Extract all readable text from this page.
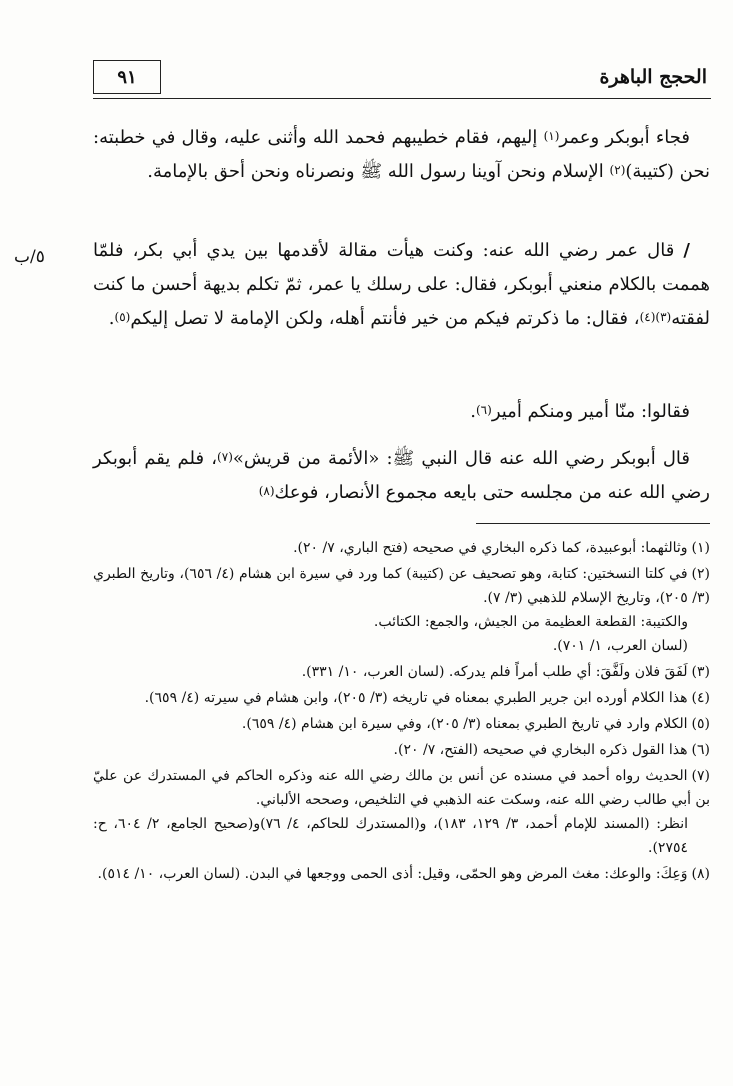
٩١	الحجج الباهرة
٥/ب

فجاء أبوبكر وعمر$^{(١)}$ إليهم، فقام خطيبهم فحمد الله وأثنى عليه، وقال في خطبته: نحن (كتيبة)$^{(٢)}$ الإسلام ونحن آوينا رسول الله ﷺ ونصرناه ونحن أحق بالإمامة.

/ قال عمر رضي الله عنه: وكنت هيأت مقالة لأقدمها بين يدي أبي بكر، فلمّا هممت بالكلام منعني أبوبكر، فقال: على رسلك يا عمر، ثمّ تكلم بديهة أحسن ما كنت لفقته$^{(٣)(٤)}$، فقال: ما ذكرتم فيكم من خير فأنتم أهله، ولكن الإمامة لا تصل إليكم$^{(٥)}$.

فقالوا: منّا أمير ومنكم أمير$^{(٦)}$.

قال أبوبكر رضي الله عنه قال النبي ﷺ: «الأئمة من قريش»$^{(٧)}$، فلم يقم أبوبكر رضي الله عنه من مجلسه حتى بايعه مجموع الأنصار، فوعك$^{(٨)}$

(١)وثالثهما: أبوعبيدة، كما ذكره البخاري في صحيحه (فتح الباري، ٧/ ٢٠).
(٢)في كلتا النسختين: كتابة، وهو تصحيف عن (كتيبة) كما ورد في سيرة ابن هشام (٤/ ٦٥٦)، وتاريخ الطبري (٣/ ٢٠٥)، وتاريخ الإسلام للذهبي (٣/ ٧).
والكتيبة: القطعة العظيمة من الجيش، والجمع: الكتائب.
(لسان العرب، ١/ ٧٠١).
(٣)لَفَقَ فلان ولَفَّقَ: أي طلب أمراً فلم يدركه. (لسان العرب، ١٠/ ٣٣١).
(٤)هذا الكلام أورده ابن جرير الطبري بمعناه في تاريخه (٣/ ٢٠٥)، وابن هشام في سيرته (٤/ ٦٥٩).
(٥)الكلام وارد في تاريخ الطبري بمعناه (٣/ ٢٠٥)، وفي سيرة ابن هشام (٤/ ٦٥٩).
(٦)هذا القول ذكره البخاري في صحيحه (الفتح، ٧/ ٢٠).
(٧)الحديث رواه أحمد في مسنده عن أنس بن مالك رضي الله عنه وذكره الحاكم في المستدرك عن عليّ بن أبي طالب رضي الله عنه، وسكت عنه الذهبي في التلخيص، وصححه الألباني.
انظر: (المسند للإمام أحمد، ٣/ ١٢٩، ١٨٣)، و(المستدرك للحاكم، ٤/ ٧٦)و(صحيح الجامع، ٢/ ٦٠٤، ح: ٢٧٥٤).
(٨)وَعِكَ: والوعك: مغث المرض وهو الحمّى، وقيل: أذى الحمى ووجعها في البدن. (لسان العرب، ١٠/ ٥١٤).
